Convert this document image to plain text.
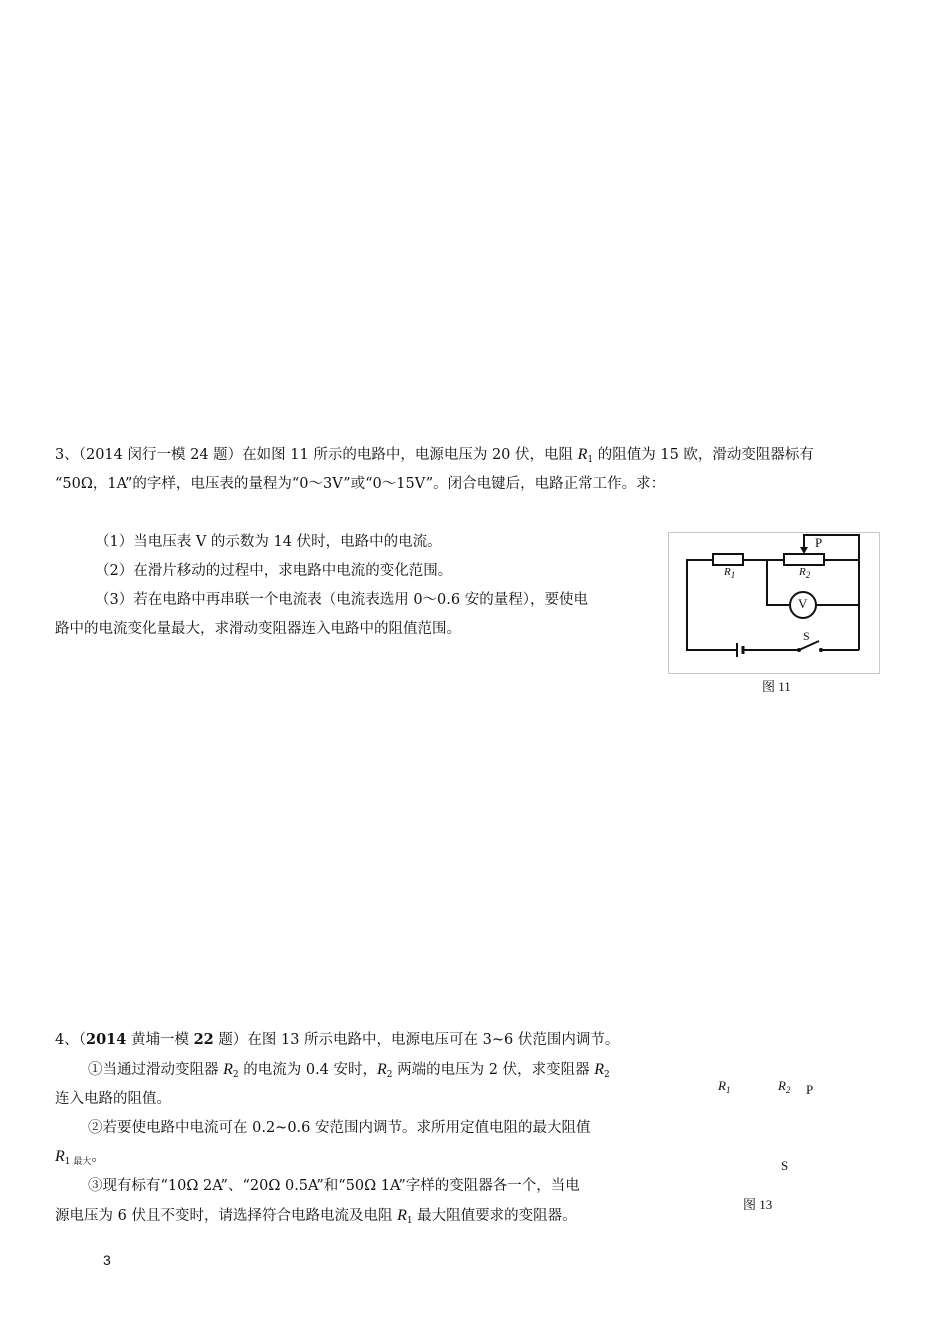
3、（2014 闵行一模 24 题）在如图 11 所示的电路中，电源电压为 20 伏，电阻 $R_1$ 的阻值为 15 欧，滑动变阻器标有
“50Ω，1A”的字样，电压表的量程为“0～3V”或“0～15V”。闭合电键后，电路正常工作。求：
（1）当电压表 V 的示数为 14 伏时，电路中的电流。
（2）在滑片移动的过程中，求电路中电流的变化范围。
（3）若在电路中再串联一个电流表（电流表选用 0～0.6 安的量程），要使电
路中的电流变化量最大，求滑动变阻器连入电路中的阻值范围。
P
$R_1$	$R_2$
V
S
图 11
4、（2014 黄埔一模 22 题）在图 13 所示电路中，电源电压可在 3~6 伏范围内调节。
①当通过滑动变阻器 $R_2$ 的电流为 0.4 安时，$R_2$ 两端的电压为 2 伏，求变阻器 $R_2$
连入电路的阻值。
②若要使电路中电流可在 0.2~0.6 安范围内调节。求所用定值电阻的最大阻值
$R_{1 最大}$。
③现有标有“10Ω 2A”、“20Ω 0.5A”和“50Ω 1A”字样的变阻器各一个，当电
源电压为 6 伏且不变时，请选择符合电路电流及电阻 $R_1$ 最大阻值要求的变阻器。
$R_1$	$R_2$ P
S
图 13
3
